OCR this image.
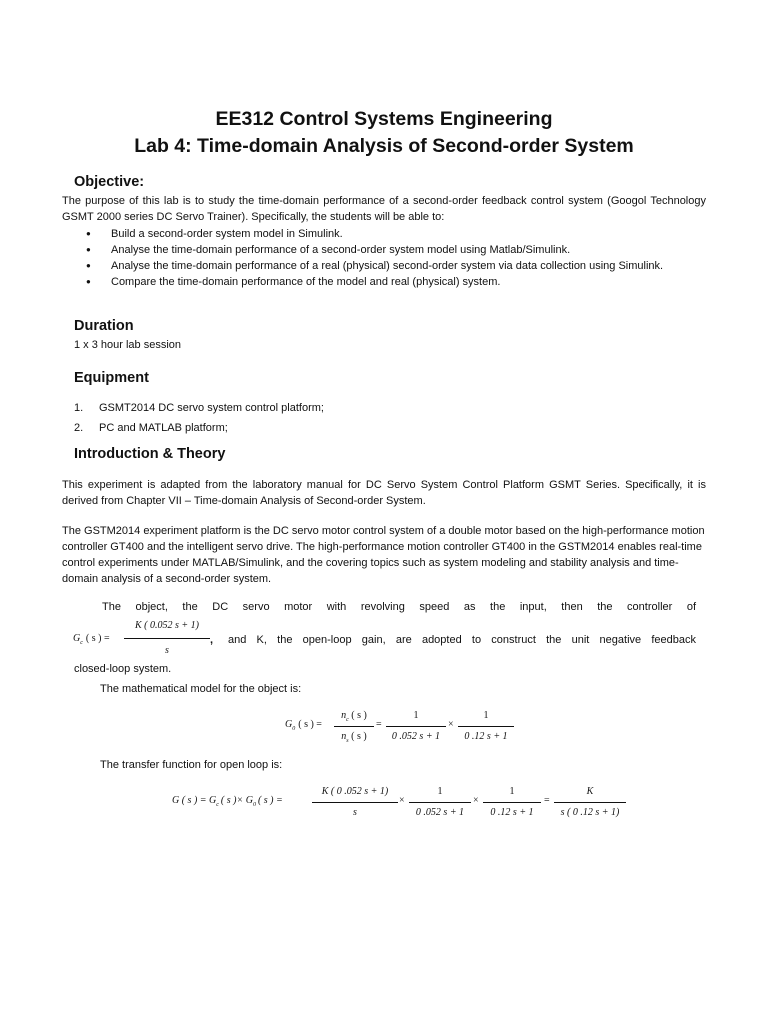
EE312 Control Systems Engineering
Lab 4: Time-domain Analysis of Second-order System
Objective:
The purpose of this lab is to study the time-domain performance of a second-order feedback control system (Googol Technology GSMT 2000 series DC Servo Trainer). Specifically, the students will be able to:
● Build a second-order system model in Simulink.
● Analyse the time-domain performance of a second-order system model using Matlab/Simulink.
● Analyse the time-domain performance of a real (physical) second-order system via data collection using Simulink.
● Compare the time-domain performance of the model and real (physical) system.
Duration
1 x 3 hour lab session
Equipment
1. GSMT2014 DC servo system control platform;
2. PC and MATLAB platform;
Introduction & Theory
This experiment is adapted from the laboratory manual for DC Servo System Control Platform GSMT Series. Specifically, it is derived from Chapter VII – Time-domain Analysis of Second-order System.
The GSTM2014 experiment platform is the DC servo motor control system of a double motor based on the high-performance motion controller GT400 and the intelligent servo drive. The high-performance motion controller GT400 in the GSTM2014 enables real-time control experiments under MATLAB/Simulink, and the covering topics such as system modeling and stability analysis and time-domain analysis of a second-order system.
The object, the DC servo motor with revolving speed as the input, then the controller of
$G_c$ ( s ) =
K ( 0.052 s + 1)
s
, and K, the open-loop gain, are adopted to construct the unit negative feedback
closed-loop system.
The mathematical model for the object is:
$G_0$ ( s ) =
$n_c$ ( s )
$n_s$ ( s )
=
1
0 .052 s + 1
×
1
0 .12 s + 1
The transfer function for open loop is:
G ( s ) = $G_c$ ( s )× $G_0$ ( s ) =
K ( 0 .052 s + 1)
s
×
1
0 .052 s + 1
×
1
0 .12 s + 1
=
K
s ( 0 .12 s + 1)
